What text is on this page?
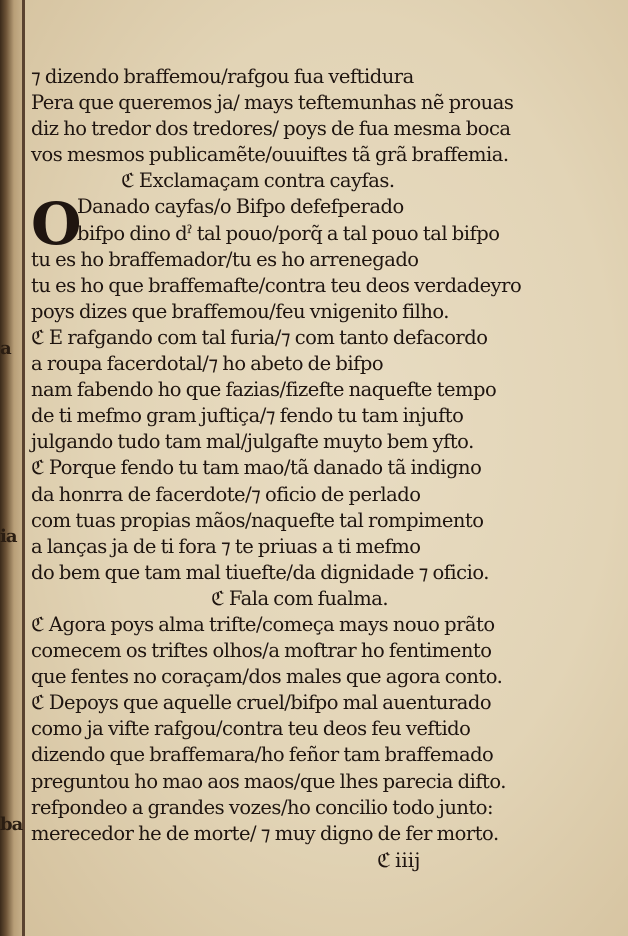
a
ia
ba
O
⁊ dizendo braffemou/rafgou fua veftidura
Pera que queremos ja/ mays teftemunhas nẽ prouas
diz ho tredor dos tredores/ poys de fua mesma boca
vos mesmos publicamẽte/ouuiftes tã grã braffemia.
ℭ Exclamaçam contra cayfas.
Danado cayfas/o Bifpo defefperado
bifpo dino dˀ tal pouo/porq̃ a tal pouo tal bifpo
tu es ho braffemador/tu es ho arrenegado
tu es ho que braffemafte/contra teu deos verdadeyro
poys dizes que braffemou/feu vnigenito filho.
ℭ E rafgando com tal furia/⁊ com tanto defacordo
a roupa facerdotal/⁊ ho abeto de bifpo
nam fabendo ho que fazias/fizefte naquefte tempo
de ti mefmo gram juftiça/⁊ fendo tu tam injufto
julgando tudo tam mal/julgafte muyto bem yfto.
ℭ Porque fendo tu tam mao/tã danado tã indigno
da honrra de facerdote/⁊ oficio de perlado
com tuas propias mãos/naquefte tal rompimento
a lanças ja de ti fora ⁊ te priuas a ti mefmo
do bem que tam mal tiuefte/da dignidade ⁊ oficio.
ℭ Fala com fualma.
ℭ Agora poys alma trifte/começa mays nouo prãto
comecem os triftes olhos/a moftrar ho fentimento
que fentes no coraçam/dos males que agora conto.
ℭ Depoys que aquelle cruel/bifpo mal auenturado
como ja vifte rafgou/contra teu deos feu veftido
dizendo que braffemara/ho feñor tam braffemado
preguntou ho mao aos maos/que lhes parecia difto.
refpondeo a grandes vozes/ho concilio todo junto:
merecedor he de morte/ ⁊ muy digno de fer morto.
ℭ iiij
